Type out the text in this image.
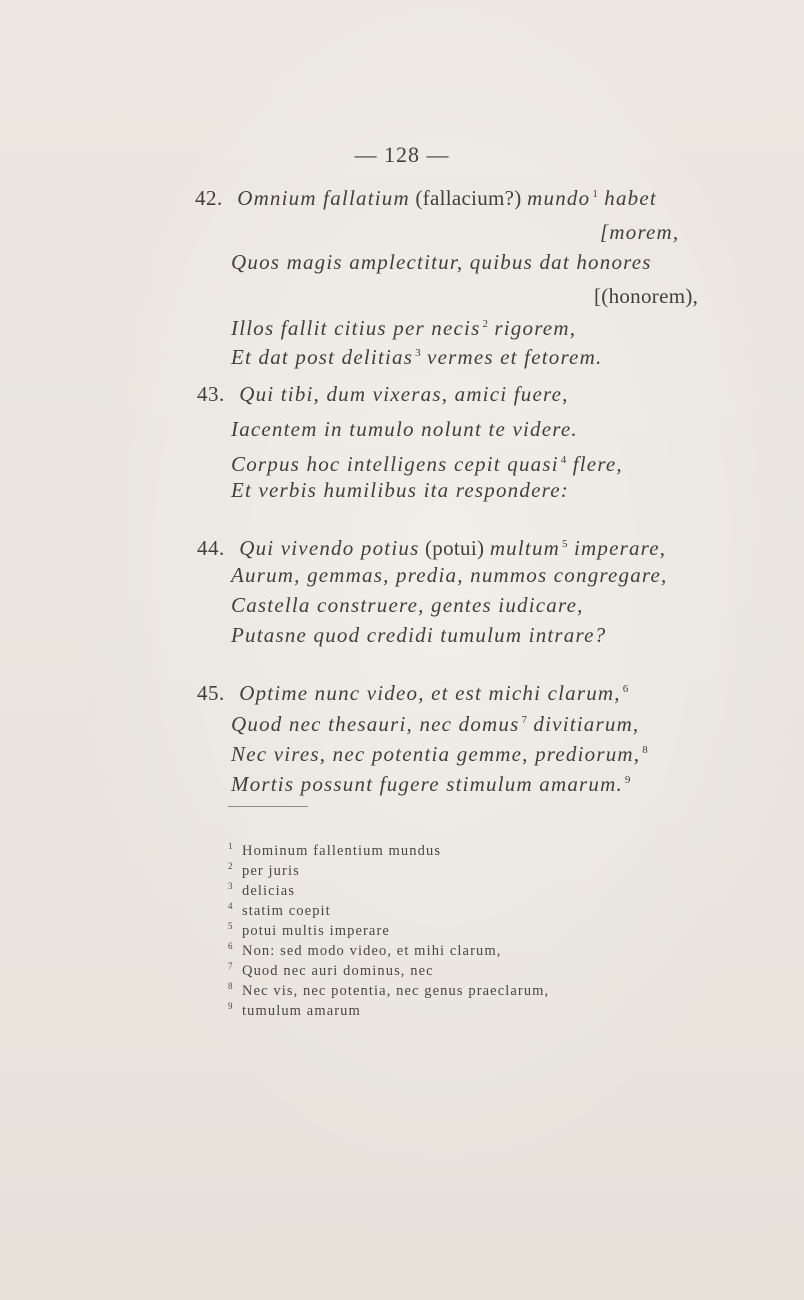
— 128 —
42. Omnium fallatium (fallacium?) mundo $^1$ habet
[morem,
Quos magis amplectitur, quibus dat honores
[(honorem),
Illos fallit citius per necis $^2$ rigorem,
Et dat post delitias $^3$ vermes et fetorem.
43. Qui tibi, dum vixeras, amici fuere,
Iacentem in tumulo nolunt te videre.
Corpus hoc intelligens cepit quasi $^4$ flere,
Et verbis humilibus ita respondere:
44. Qui vivendo potius (potui) multum $^5$ imperare,
Aurum, gemmas, predia, nummos congregare,
Castella construere, gentes iudicare,
Putasne quod credidi tumulum intrare?
45. Optime nunc video, et est michi clarum, $^6$
Quod nec thesauri, nec domus $^7$ divitiarum,
Nec vires, nec potentia gemme, prediorum, $^8$
Mortis possunt fugere stimulum amarum. $^9$
1 Hominum fallentium mundus
2 per juris
3 delicias
4 statim coepit
5 potui multis imperare
6 Non: sed modo video, et mihi clarum,
7 Quod nec auri dominus, nec
8 Nec vis, nec potentia, nec genus praeclarum,
9 tumulum amarum
